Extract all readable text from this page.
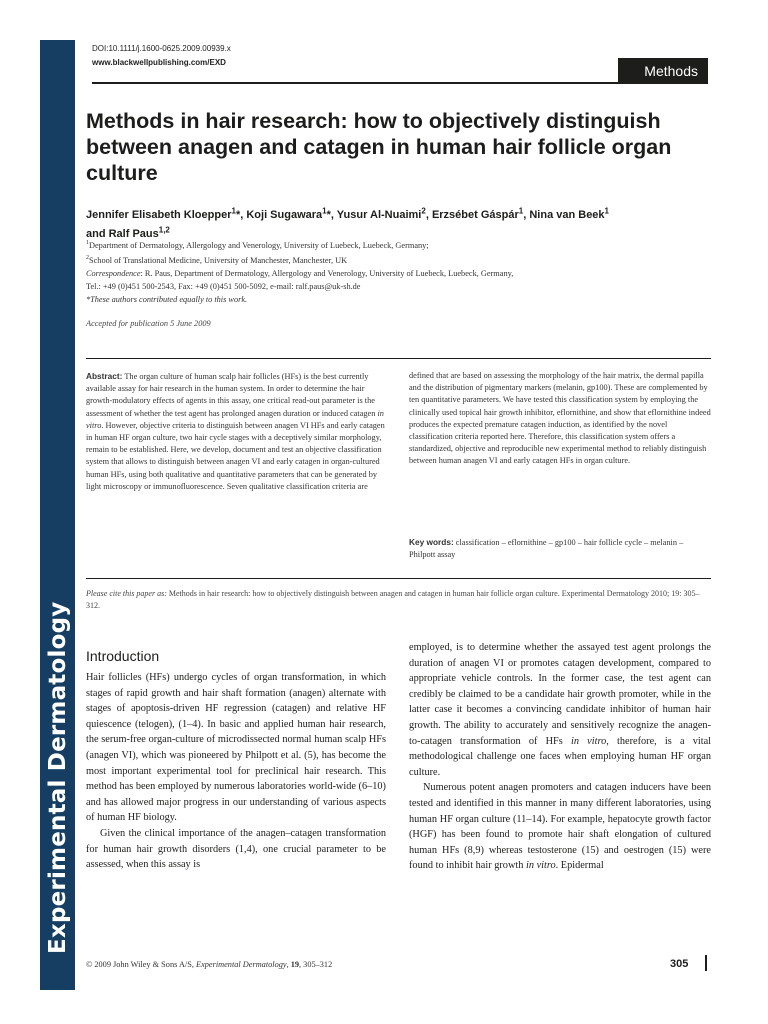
Experimental Dermatology
DOI:10.1111/j.1600-0625.2009.00939.x
www.blackwellpublishing.com/EXD	Methods
Methods in hair research: how to objectively distinguish between anagen and catagen in human hair follicle organ culture
Jennifer Elisabeth Kloepper$^1$*, Koji Sugawara$^1$*, Yusur Al-Nuaimi$^2$, Erzsébet Gáspár$^1$, Nina van Beek$^1$
and Ralf Paus$^{1,2}$
$^1$Department of Dermatology, Allergology and Venerology, University of Luebeck, Luebeck, Germany;
$^2$School of Translational Medicine, University of Manchester, Manchester, UK
Correspondence: R. Paus, Department of Dermatology, Allergology and Venerology, University of Luebeck, Luebeck, Germany,
Tel.: +49 (0)451 500-2543, Fax: +49 (0)451 500-5092, e-mail: ralf.paus@uk-sh.de
*These authors contributed equally to this work.
Accepted for publication 5 June 2009
Abstract: The organ culture of human scalp hair follicles (HFs) is the best currently available assay for hair research in the human system. In order to determine the hair growth-modulatory effects of agents in this assay, one critical read-out parameter is the assessment of whether the test agent has prolonged anagen duration or induced catagen in vitro. However, objective criteria to distinguish between anagen VI HFs and early catagen in human HF organ culture, two hair cycle stages with a deceptively similar morphology, remain to be established. Here, we develop, document and test an objective classification system that allows to distinguish between anagen VI and early catagen in organ-cultured human HFs, using both qualitative and quantitative parameters that can be generated by light microscopy or immunofluorescence. Seven qualitative classification criteria are
defined that are based on assessing the morphology of the hair matrix, the dermal papilla and the distribution of pigmentary markers (melanin, gp100). These are complemented by ten quantitative parameters. We have tested this classification system by employing the clinically used topical hair growth inhibitor, eflornithine, and show that eflornithine indeed produces the expected premature catagen induction, as identified by the novel classification criteria reported here. Therefore, this classification system offers a standardized, objective and reproducible new experimental method to reliably distinguish between human anagen VI and early catagen HFs in organ culture.
Key words: classification – eflornithine – gp100 – hair follicle cycle – melanin – Philpott assay
Please cite this paper as: Methods in hair research: how to objectively distinguish between anagen and catagen in human hair follicle organ culture. Experimental Dermatology 2010; 19: 305–312.
Introduction

Hair follicles (HFs) undergo cycles of organ transformation, in which stages of rapid growth and hair shaft formation (anagen) alternate with stages of apoptosis-driven HF regression (catagen) and relative HF quiescence (telogen), (1–4). In basic and applied human hair research, the serum-free organ-culture of microdissected normal human scalp HFs (anagen VI), which was pioneered by Philpott et al. (5), has become the most important experimental tool for preclinical hair research. This method has been employed by numerous laboratories world-wide (6–10) and has allowed major progress in our understanding of various aspects of human HF biology.

Given the clinical importance of the anagen–catagen transformation for human hair growth disorders (1,4), one crucial parameter to be assessed, when this assay is

employed, is to determine whether the assayed test agent prolongs the duration of anagen VI or promotes catagen development, compared to appropriate vehicle controls. In the former case, the test agent can credibly be claimed to be a candidate hair growth promoter, while in the latter case it becomes a convincing candidate inhibitor of human hair growth. The ability to accurately and sensitively recognize the anagen-to-catagen transformation of HFs in vitro, therefore, is a vital methodological challenge one faces when employing human HF organ culture.

Numerous potent anagen promoters and catagen inducers have been tested and identified in this manner in many different laboratories, using human HF organ culture (11–14). For example, hepatocyte growth factor (HGF) has been found to promote hair shaft elongation of cultured human HFs (8,9) whereas testosterone (15) and oestrogen (15) were found to inhibit hair growth in vitro. Epidermal

© 2009 John Wiley & Sons A/S, Experimental Dermatology, 19, 305–312	305
